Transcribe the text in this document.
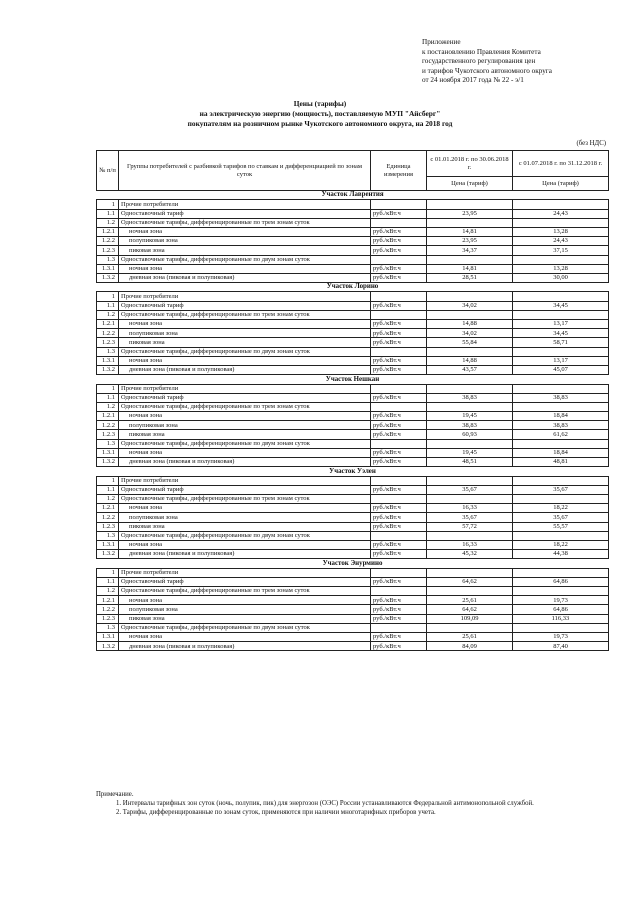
Приложение
к постановлению Правления Комитета
государственного регулирования цен
и тарифов Чукотского автономного округа
от 24 ноября 2017 года № 22 - э/1
Цены (тарифы)
на электрическую энергию (мощность), поставляемую МУП "Айсберг"
покупателям на розничном рынке Чукотского автономного округа, на 2018 год
(без НДС)
№ п/п	Группы потребителей с разбивкой тарифов по ставкам и дифференциацией по зонам суток	Единица измерения	с 01.01.2018 г. по 30.06.2018 г.	с 01.07.2018 г. по 31.12.2018 г.
			Цена (тариф)	Цена (тариф)
Участок Лаврентия				
1	Прочие потребители			
1.1	Одноставочный тариф	руб./кВт.ч	23,95	24,43
1.2	Одноставочные тарифы, дифференцированные по трем зонам суток			
1.2.1	ночная зона	руб./кВт.ч	14,81	13,28
1.2.2	полупиковая зона	руб./кВт.ч	23,95	24,43
1.2.3	пиковая зона	руб./кВт.ч	34,37	37,15
1.3	Одноставочные тарифы, дифференцированные по двум зонам суток			
1.3.1	ночная зона	руб./кВт.ч	14,81	13,28
1.3.2	дневная зона (пиковая и полупиковая)	руб./кВт.ч	28,51	30,00
Участок Лорино				
1	Прочие потребители			
1.1	Одноставочный тариф	руб./кВт.ч	34,02	34,45
1.2	Одноставочные тарифы, дифференцированные по трем зонам суток			
1.2.1	ночная зона	руб./кВт.ч	14,88	13,17
1.2.2	полупиковая зона	руб./кВт.ч	34,02	34,45
1.2.3	пиковая зона	руб./кВт.ч	55,84	58,71
1.3	Одноставочные тарифы, дифференцированные по двум зонам суток			
1.3.1	ночная зона	руб./кВт.ч	14,88	13,17
1.3.2	дневная зона (пиковая и полупиковая)	руб./кВт.ч	43,57	45,07
Участок Нешкан				
1	Прочие потребители			
1.1	Одноставочный тариф	руб./кВт.ч	38,83	38,83
1.2	Одноставочные тарифы, дифференцированные по трем зонам суток			
1.2.1	ночная зона	руб./кВт.ч	19,45	18,84
1.2.2	полупиковая зона	руб./кВт.ч	38,83	38,83
1.2.3	пиковая зона	руб./кВт.ч	60,93	61,62
1.3	Одноставочные тарифы, дифференцированные по двум зонам суток			
1.3.1	ночная зона	руб./кВт.ч	19,45	18,84
1.3.2	дневная зона (пиковая и полупиковая)	руб./кВт.ч	48,51	48,81
Участок Уэлен				
1	Прочие потребители			
1.1	Одноставочный тариф	руб./кВт.ч	35,67	35,67
1.2	Одноставочные тарифы, дифференцированные по трем зонам суток			
1.2.1	ночная зона	руб./кВт.ч	16,33	18,22
1.2.2	полупиковая зона	руб./кВт.ч	35,67	35,67
1.2.3	пиковая зона	руб./кВт.ч	57,72	55,57
1.3	Одноставочные тарифы, дифференцированные по двум зонам суток			
1.3.1	ночная зона	руб./кВт.ч	16,33	18,22
1.3.2	дневная зона (пиковая и полупиковая)	руб./кВт.ч	45,32	44,38
Участок Энурмино				
1	Прочие потребители			
1.1	Одноставочный тариф	руб./кВт.ч	64,62	64,86
1.2	Одноставочные тарифы, дифференцированные по трем зонам суток			
1.2.1	ночная зона	руб./кВт.ч	25,61	19,73
1.2.2	полупиковая зона	руб./кВт.ч	64,62	64,86
1.2.3	пиковая зона	руб./кВт.ч	109,09	116,33
1.3	Одноставочные тарифы, дифференцированные по двум зонам суток			
1.3.1	ночная зона	руб./кВт.ч	25,61	19,73
1.3.2	дневная зона (пиковая и полупиковая)	руб./кВт.ч	84,09	87,40
Примечание.
1. Интервалы тарифных зон суток (ночь, полупик, пик) для энергозон (ОЭС) России устанавливаются Федеральной антимонопольной службой.
2. Тарифы, дифференцированные по зонам суток, применяются при наличии многотарифных приборов учета.
